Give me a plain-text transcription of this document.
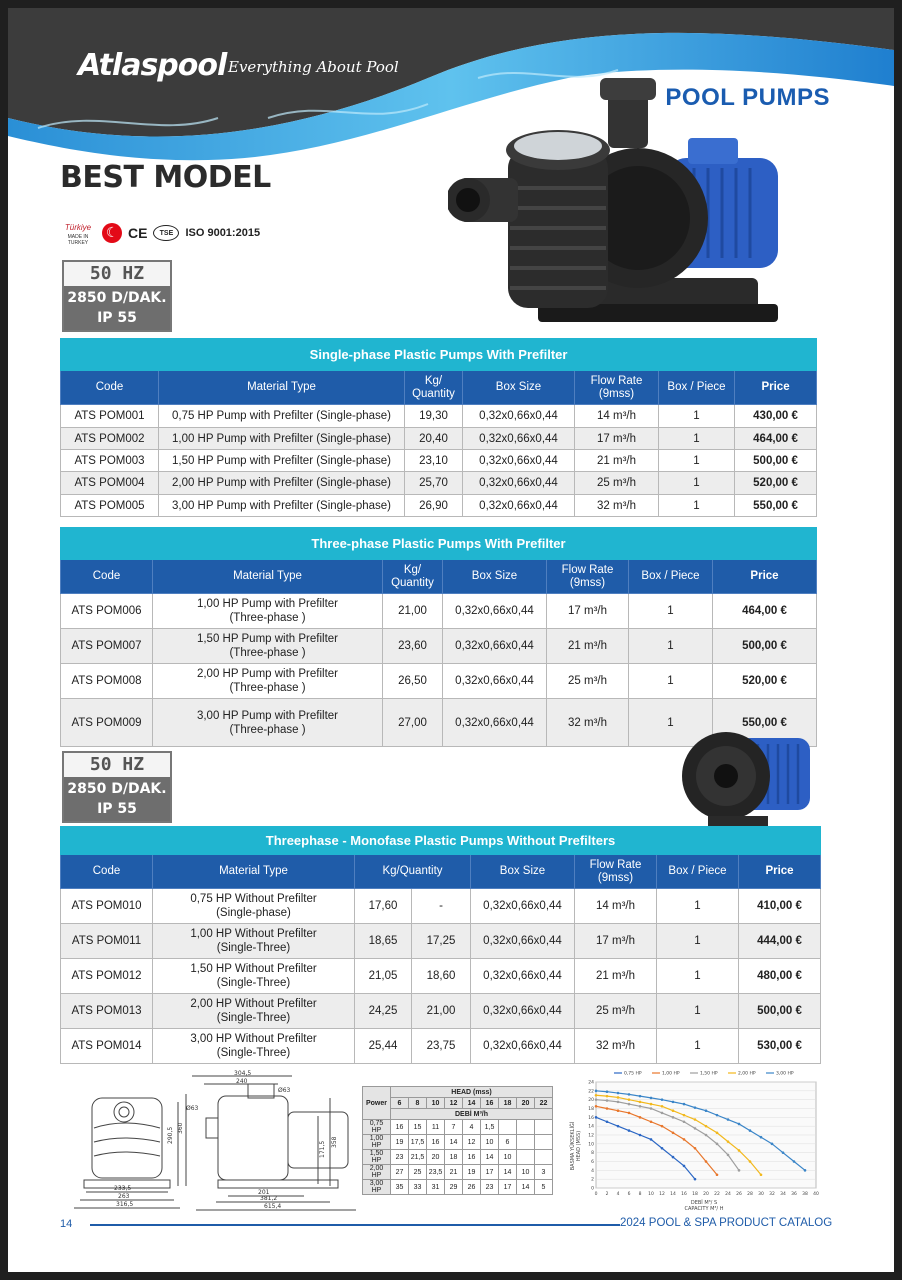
Atlaspool Everything About Pool
POOL PUMPS
BEST MODEL
Türkiye
MADE IN TURKEY
☾
CE	TSE	ISO 9001:2015
50 HZ
2850 D/DAK.
IP 55
Single-phase Plastic Pumps With Prefilter						
Code	Material Type	Kg/
Quantity	Box Size	Flow Rate
(9mss)	Box / Piece	Price
ATS POM001	0,75 HP Pump with Prefilter (Single-phase)	19,30	0,32x0,66x0,44	14 m³/h	1	430,00 €
ATS POM002	1,00 HP Pump with Prefilter (Single-phase)	20,40	0,32x0,66x0,44	17 m³/h	1	464,00 €
ATS POM003	1,50 HP Pump with Prefilter (Single-phase)	23,10	0,32x0,66x0,44	21 m³/h	1	500,00 €
ATS POM004	2,00 HP Pump with Prefilter (Single-phase)	25,70	0,32x0,66x0,44	25 m³/h	1	520,00 €
ATS POM005	3,00 HP Pump with Prefilter (Single-phase)	26,90	0,32x0,66x0,44	32 m³/h	1	550,00 €
Three-phase Plastic Pumps With Prefilter						
Code	Material Type	Kg/
Quantity	Box Size	Flow Rate
(9mss)	Box / Piece	Price
ATS POM006	1,00 HP Pump with Prefilter
(Three-phase )	21,00	0,32x0,66x0,44	17 m³/h	1	464,00 €
ATS POM007	1,50 HP Pump with Prefilter
(Three-phase )	23,60	0,32x0,66x0,44	21 m³/h	1	500,00 €
ATS POM008	2,00 HP Pump with Prefilter
(Three-phase )	26,50	0,32x0,66x0,44	25 m³/h	1	520,00 €
ATS POM009	3,00 HP Pump with Prefilter
(Three-phase )	27,00	0,32x0,66x0,44	32 m³/h	1	550,00 €
50 HZ
2850 D/DAK.
IP 55
Threephase - Monofase Plastic Pumps Without Prefilters							
Code	Material Type	Kg/Quantity		Box Size	Flow Rate
(9mss)	Box / Piece	Price
ATS POM010	0,75 HP Without Prefilter
(Single-phase)	17,60	-	0,32x0,66x0,44	14 m³/h	1	410,00 €
ATS POM011	1,00 HP Without Prefilter
(Single-Three)	18,65	17,25	0,32x0,66x0,44	17 m³/h	1	444,00 €
ATS POM012	1,50 HP Without Prefilter
(Single-Three)	21,05	18,60	0,32x0,66x0,44	21 m³/h	1	480,00 €
ATS POM013	2,00 HP Without Prefilter
(Single-Three)	24,25	21,00	0,32x0,66x0,44	25 m³/h	1	500,00 €
ATS POM014	3,00 HP Without Prefilter
(Single-Three)	25,44	23,75	0,32x0,66x0,44	32 m³/h	1	530,00 €
304,5
240
Ø63
Ø63
233,5
263
316,5
201
381,2
615,4
290,5 360
171,5 358
Power	HEAD (mss)								
	6	8	10	12	14	16	18	20	22
	DEBİ M³/h								
0,75 HP	16	15	11	7	4	1,5			
1,00 HP	19	17,5	16	14	12	10	6		
1,50 HP	23	21,5	20	18	16	14	10		
2,00 HP	27	25	23,5	21	19	17	14	10	3
3,00 HP	35	33	31	29	26	23	17	14	5
0,75 HP	1,00 HP	1,50 HP	2,00 HP	3,00 HP
0
2
4
6
8
10
12
14
16
18
20
22
24
0 2 4 6 8 10 12 14 16 18 20 22 24 26 28 30 32 34 36 38 40
DEBİ M³/ S
CAPACITY M³/ H
BASMA YÜKSEKLİĞİ HEAD (MSS)
14	2024 POOL & SPA PRODUCT CATALOG
